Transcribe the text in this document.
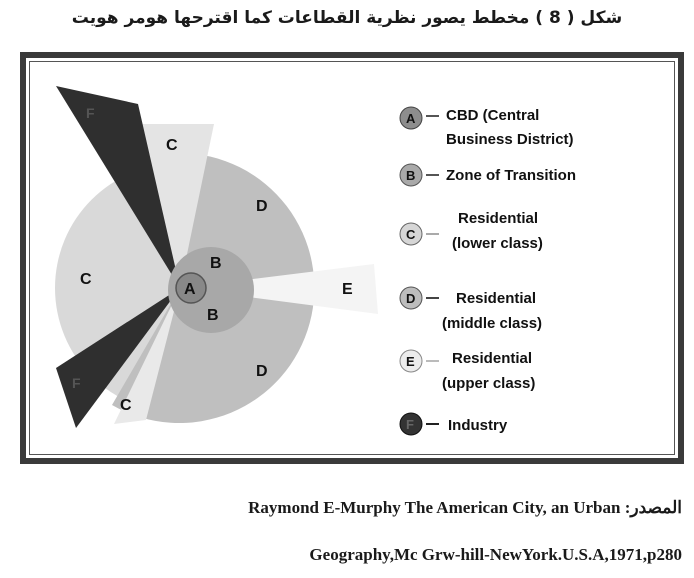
شكل ( 8 ) مخطط يصور نظرية القطاعات كما اقترحها هومر هويت
A
B
B
C
C
C
D
D
E
F
F
A CBD (Central
Business District)
B Zone of Transition
C
Residential
(lower class)
D	Residential
(middle class)
E Residential
(upper class)
F Industry
المصدر: Raymond E-Murphy The American City, an Urban
Geography,Mc Grw-hill-NewYork.U.S.A,1971,p280
